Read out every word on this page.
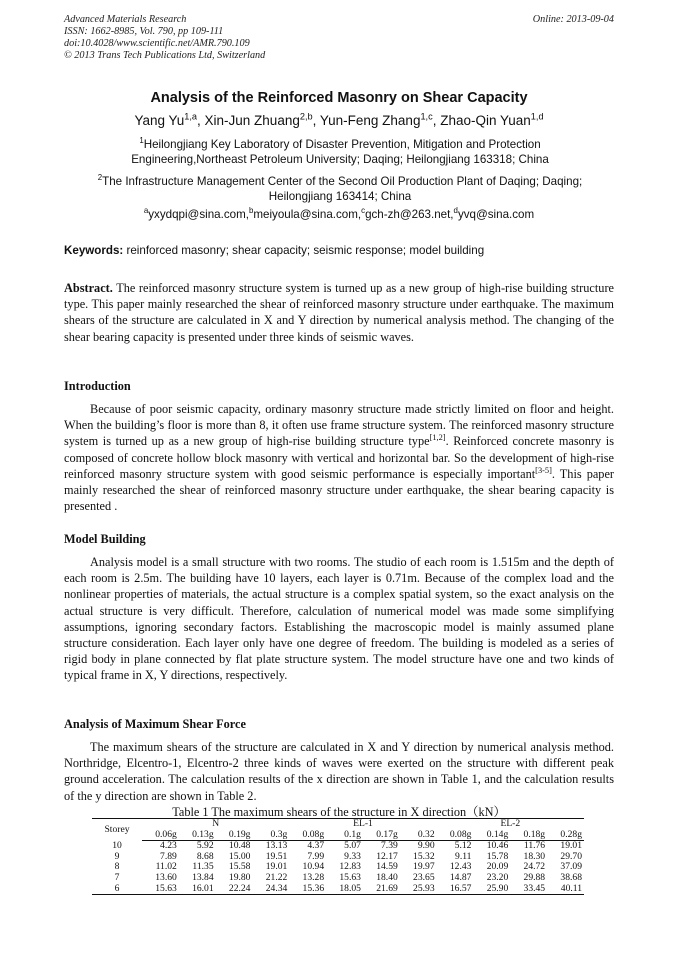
Advanced Materials Research
ISSN: 1662-8985, Vol. 790, pp 109-111
doi:10.4028/www.scientific.net/AMR.790.109
© 2013 Trans Tech Publications Ltd, Switzerland
Online: 2013-09-04
Analysis of the Reinforced Masonry on Shear Capacity
Yang Yu$^{1,a}$, Xin-Jun Zhuang$^{2,b}$, Yun-Feng Zhang$^{1,c}$, Zhao-Qin Yuan$^{1,d}$
$^1$Heilongjiang Key Laboratory of Disaster Prevention, Mitigation and Protection
Engineering,Northeast Petroleum University; Daqing; Heilongjiang 163318; China
$^2$The Infrastructure Management Center of the Second Oil Production Plant of Daqing; Daqing;
Heilongjiang 163414; China
$^a$yxydqpi@sina.com,$^b$meiyoula@sina.com,$^c$gch-zh@263.net,$^d$yvq@sina.com
Keywords: reinforced masonry; shear capacity; seismic response; model building
Abstract. The reinforced masonry structure system is turned up as a new group of high-rise building structure type. This paper mainly researched the shear of reinforced masonry structure under earthquake. The maximum shears of the structure are calculated in X and Y direction by numerical analysis method. The changing of the shear bearing capacity is presented under three kinds of seismic waves.
Introduction
Because of poor seismic capacity, ordinary masonry structure made strictly limited on floor and height. When the building’s floor is more than 8, it often use frame structure system. The reinforced masonry structure system is turned up as a new group of high-rise building structure type[1,2]. Reinforced concrete masonry is composed of concrete hollow block masonry with vertical and horizontal bar. So the development of high-rise reinforced masonry structure system with good seismic performance is especially important[3-5]. This paper mainly researched the shear of reinforced masonry structure under earthquake, the shear bearing capacity is presented .
Model Building
Analysis model is a small structure with two rooms. The studio of each room is 1.515m and the depth of each room is 2.5m. The building have 10 layers, each layer is 0.71m. Because of the complex load and the nonlinear properties of materials, the actual structure is a complex spatial system, so the exact analysis on the actual structure is very difficult. Therefore, calculation of numerical model was made some simplifying assumptions, ignoring secondary factors. Establishing the macroscopic model is mainly assumed plane structure consideration. Each layer only have one degree of freedom. The building is modeled as a series of rigid body in plane connected by flat plate structure system. The model structure have one and two kinds of typical frame in X, Y directions, respectively.
Analysis of Maximum Shear Force
The maximum shears of the structure are calculated in X and Y direction by numerical analysis method. Northridge, Elcentro-1, Elcentro-2 three kinds of waves were exerted on the structure with different peak ground acceleration. The calculation results of the x direction are shown in Table 1, and the calculation results of the y direction are shown in Table 2.
Table 1 The maximum shears of the structure in X direction（kN）
Storey	N				EL-1				EL-2			
	0.06g	0.13g	0.19g	0.3g	0.08g	0.1g	0.17g	0.32	0.08g	0.14g	0.18g	0.28g
10	4.23	5.92	10.48	13.13	4.37	5.07	7.39	9.90	5.12	10.46	11.76	19.01
9	7.89	8.68	15.00	19.51	7.99	9.33	12.17	15.32	9.11	15.78	18.30	29.70
8	11.02	11.35	15.58	19.01	10.94	12.83	14.59	19.97	12.43	20.09	24.72	37.09
7	13.60	13.84	19.80	21.22	13.28	15.63	18.40	23.65	14.87	23.20	29.88	38.68
6	15.63	16.01	22.24	24.34	15.36	18.05	21.69	25.93	16.57	25.90	33.45	40.11
